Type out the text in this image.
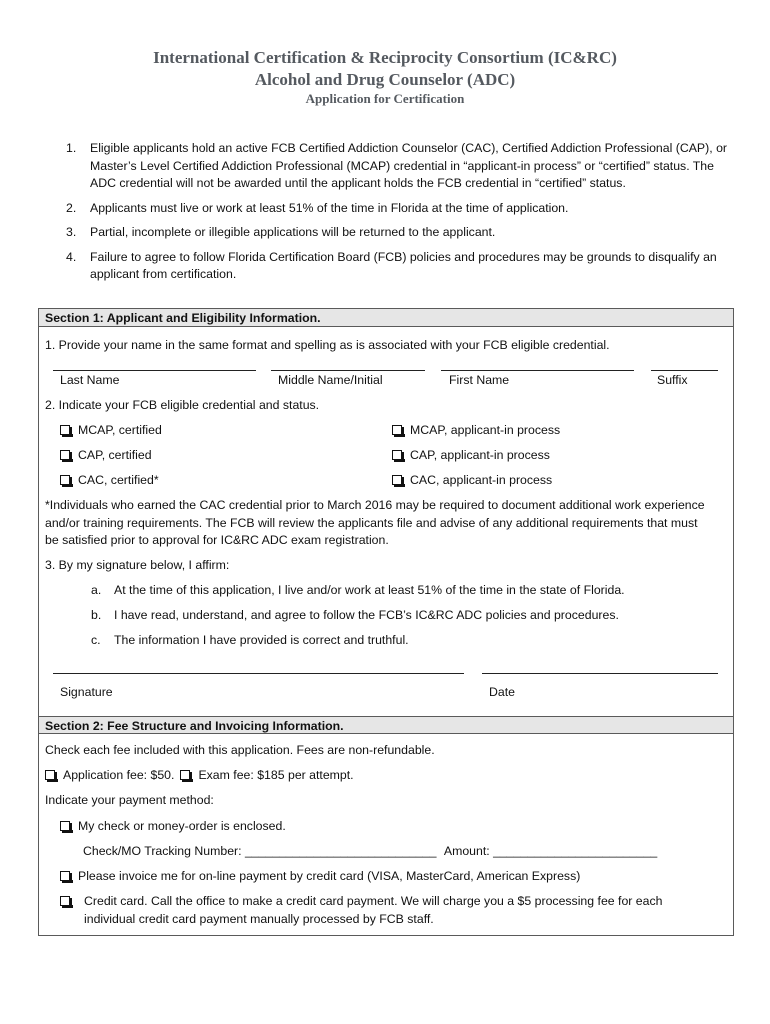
International Certification & Reciprocity Consortium (IC&RC)
Alcohol and Drug Counselor (ADC)
Application for Certification
1.	Eligible applicants hold an active FCB Certified Addiction Counselor (CAC), Certified Addiction Professional (CAP), or Master’s Level Certified Addiction Professional (MCAP) credential in “applicant-in process” or “certified” status. The ADC credential will not be awarded until the applicant holds the FCB credential in “certified” status.
2.	Applicants must live or work at least 51% of the time in Florida at the time of application.
3.	Partial, incomplete or illegible applications will be returned to the applicant.
4.	Failure to agree to follow Florida Certification Board (FCB) policies and procedures may be grounds to disqualify an applicant from certification.
Section 1: Applicant and Eligibility Information.
1. Provide your name in the same format and spelling as is associated with your FCB eligible credential.
Last Name	Middle Name/Initial	First Name	Suffix
2. Indicate your FCB eligible credential and status.
MCAP, certified	MCAP, applicant-in process
CAP, certified	CAP, applicant-in process
CAC, certified*	CAC, applicant-in process
*Individuals who earned the CAC credential prior to March 2016 may be required to document additional work experience and/or training requirements. The FCB will review the applicants file and advise of any additional requirements that must be satisfied prior to approval for IC&RC ADC exam registration.
3. By my signature below, I affirm:
a. At the time of this application, I live and/or work at least 51% of the time in the state of Florida.
b. I have read, understand, and agree to follow the FCB’s IC&RC ADC policies and procedures.
c. The information I have provided is correct and truthful.
Signature	Date
Section 2: Fee Structure and Invoicing Information.
Check each fee included with this application. Fees are non-refundable.
Application fee: $50. Exam fee: $185 per attempt.
Indicate your payment method:
My check or money-order is enclosed.
Check/MO Tracking Number: ____________________________ Amount: ________________________
Please invoice me for on-line payment by credit card (VISA, MasterCard, American Express)
Credit card. Call the office to make a credit card payment. We will charge you a $5 processing fee for each individual credit card payment manually processed by FCB staff.
